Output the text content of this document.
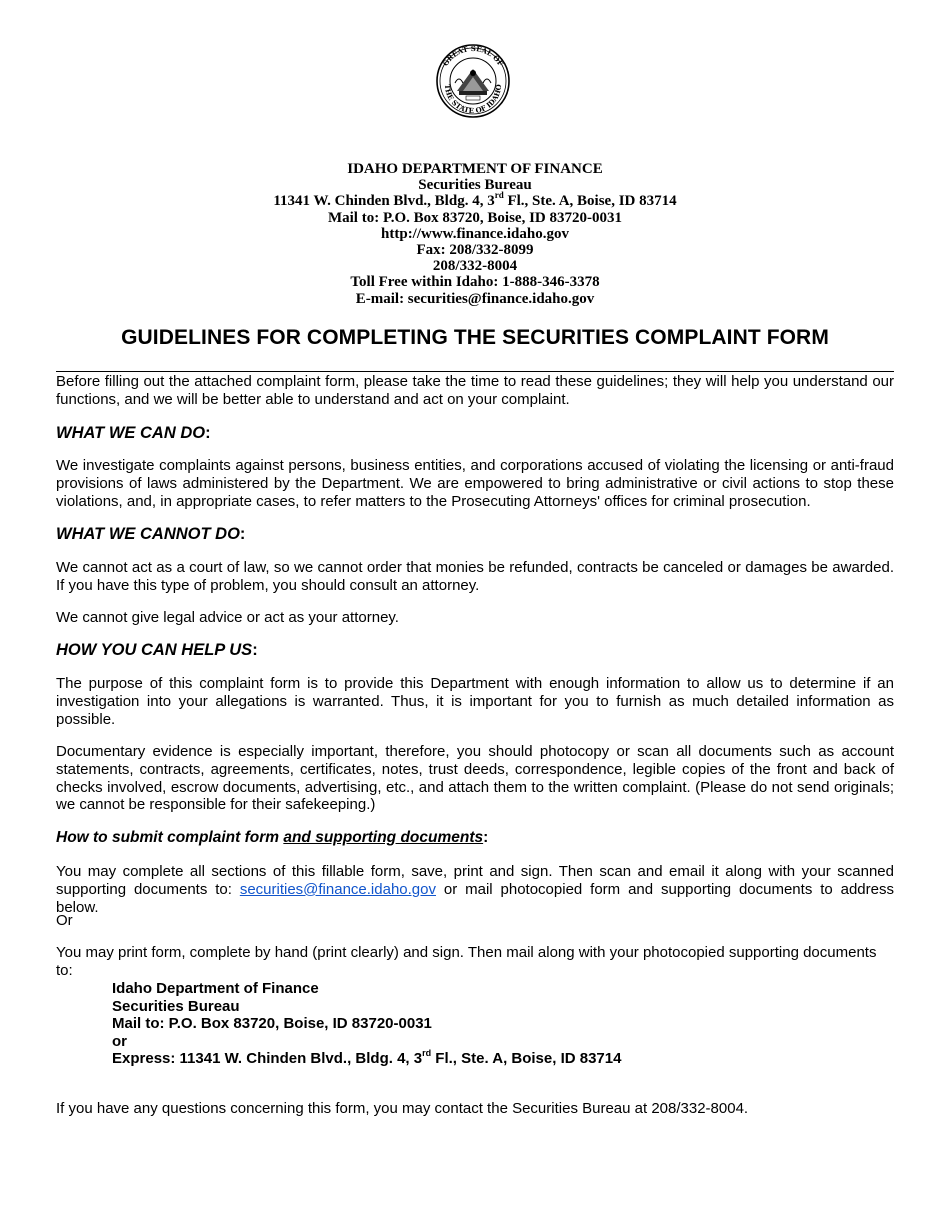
GREAT SEAL OF
THE STATE OF IDAHO
IDAHO DEPARTMENT OF FINANCE
Securities Bureau
11341 W. Chinden Blvd., Bldg. 4, 3rd Fl., Ste. A, Boise, ID 83714
Mail to: P.O. Box 83720, Boise, ID 83720-0031
http://www.finance.idaho.gov
Fax: 208/332-8099
208/332-8004
Toll Free within Idaho: 1-888-346-3378
E-mail: securities@finance.idaho.gov
GUIDELINES FOR COMPLETING THE SECURITIES COMPLAINT FORM
Before filling out the attached complaint form, please take the time to read these guidelines; they will help you understand our functions, and we will be better able to understand and act on your complaint.
WHAT WE CAN DO:
We investigate complaints against persons, business entities, and corporations accused of violating the licensing or anti-fraud provisions of laws administered by the Department. We are empowered to bring administrative or civil actions to stop these violations, and, in appropriate cases, to refer matters to the Prosecuting Attorneys' offices for criminal prosecution.
WHAT WE CANNOT DO:
We cannot act as a court of law, so we cannot order that monies be refunded, contracts be canceled or damages be awarded. If you have this type of problem, you should consult an attorney.
We cannot give legal advice or act as your attorney.
HOW YOU CAN HELP US:
The purpose of this complaint form is to provide this Department with enough information to allow us to determine if an investigation into your allegations is warranted. Thus, it is important for you to furnish as much detailed information as possible.
Documentary evidence is especially important, therefore, you should photocopy or scan all documents such as account statements, contracts, agreements, certificates, notes, trust deeds, correspondence, legible copies of the front and back of checks involved, escrow documents, advertising, etc., and attach them to the written complaint. (Please do not send originals; we cannot be responsible for their safekeeping.)
How to submit complaint form and supporting documents:
You may complete all sections of this fillable form, save, print and sign. Then scan and email it along with your scanned supporting documents to: securities@finance.idaho.gov or mail photocopied form and supporting documents to address below.
Or
You may print form, complete by hand (print clearly) and sign. Then mail along with your photocopied supporting documents to:
Idaho Department of Finance
Securities Bureau
Mail to: P.O. Box 83720, Boise, ID 83720-0031
or
Express: 11341 W. Chinden Blvd., Bldg. 4, 3rd Fl., Ste. A, Boise, ID 83714
If you have any questions concerning this form, you may contact the Securities Bureau at 208/332-8004.
